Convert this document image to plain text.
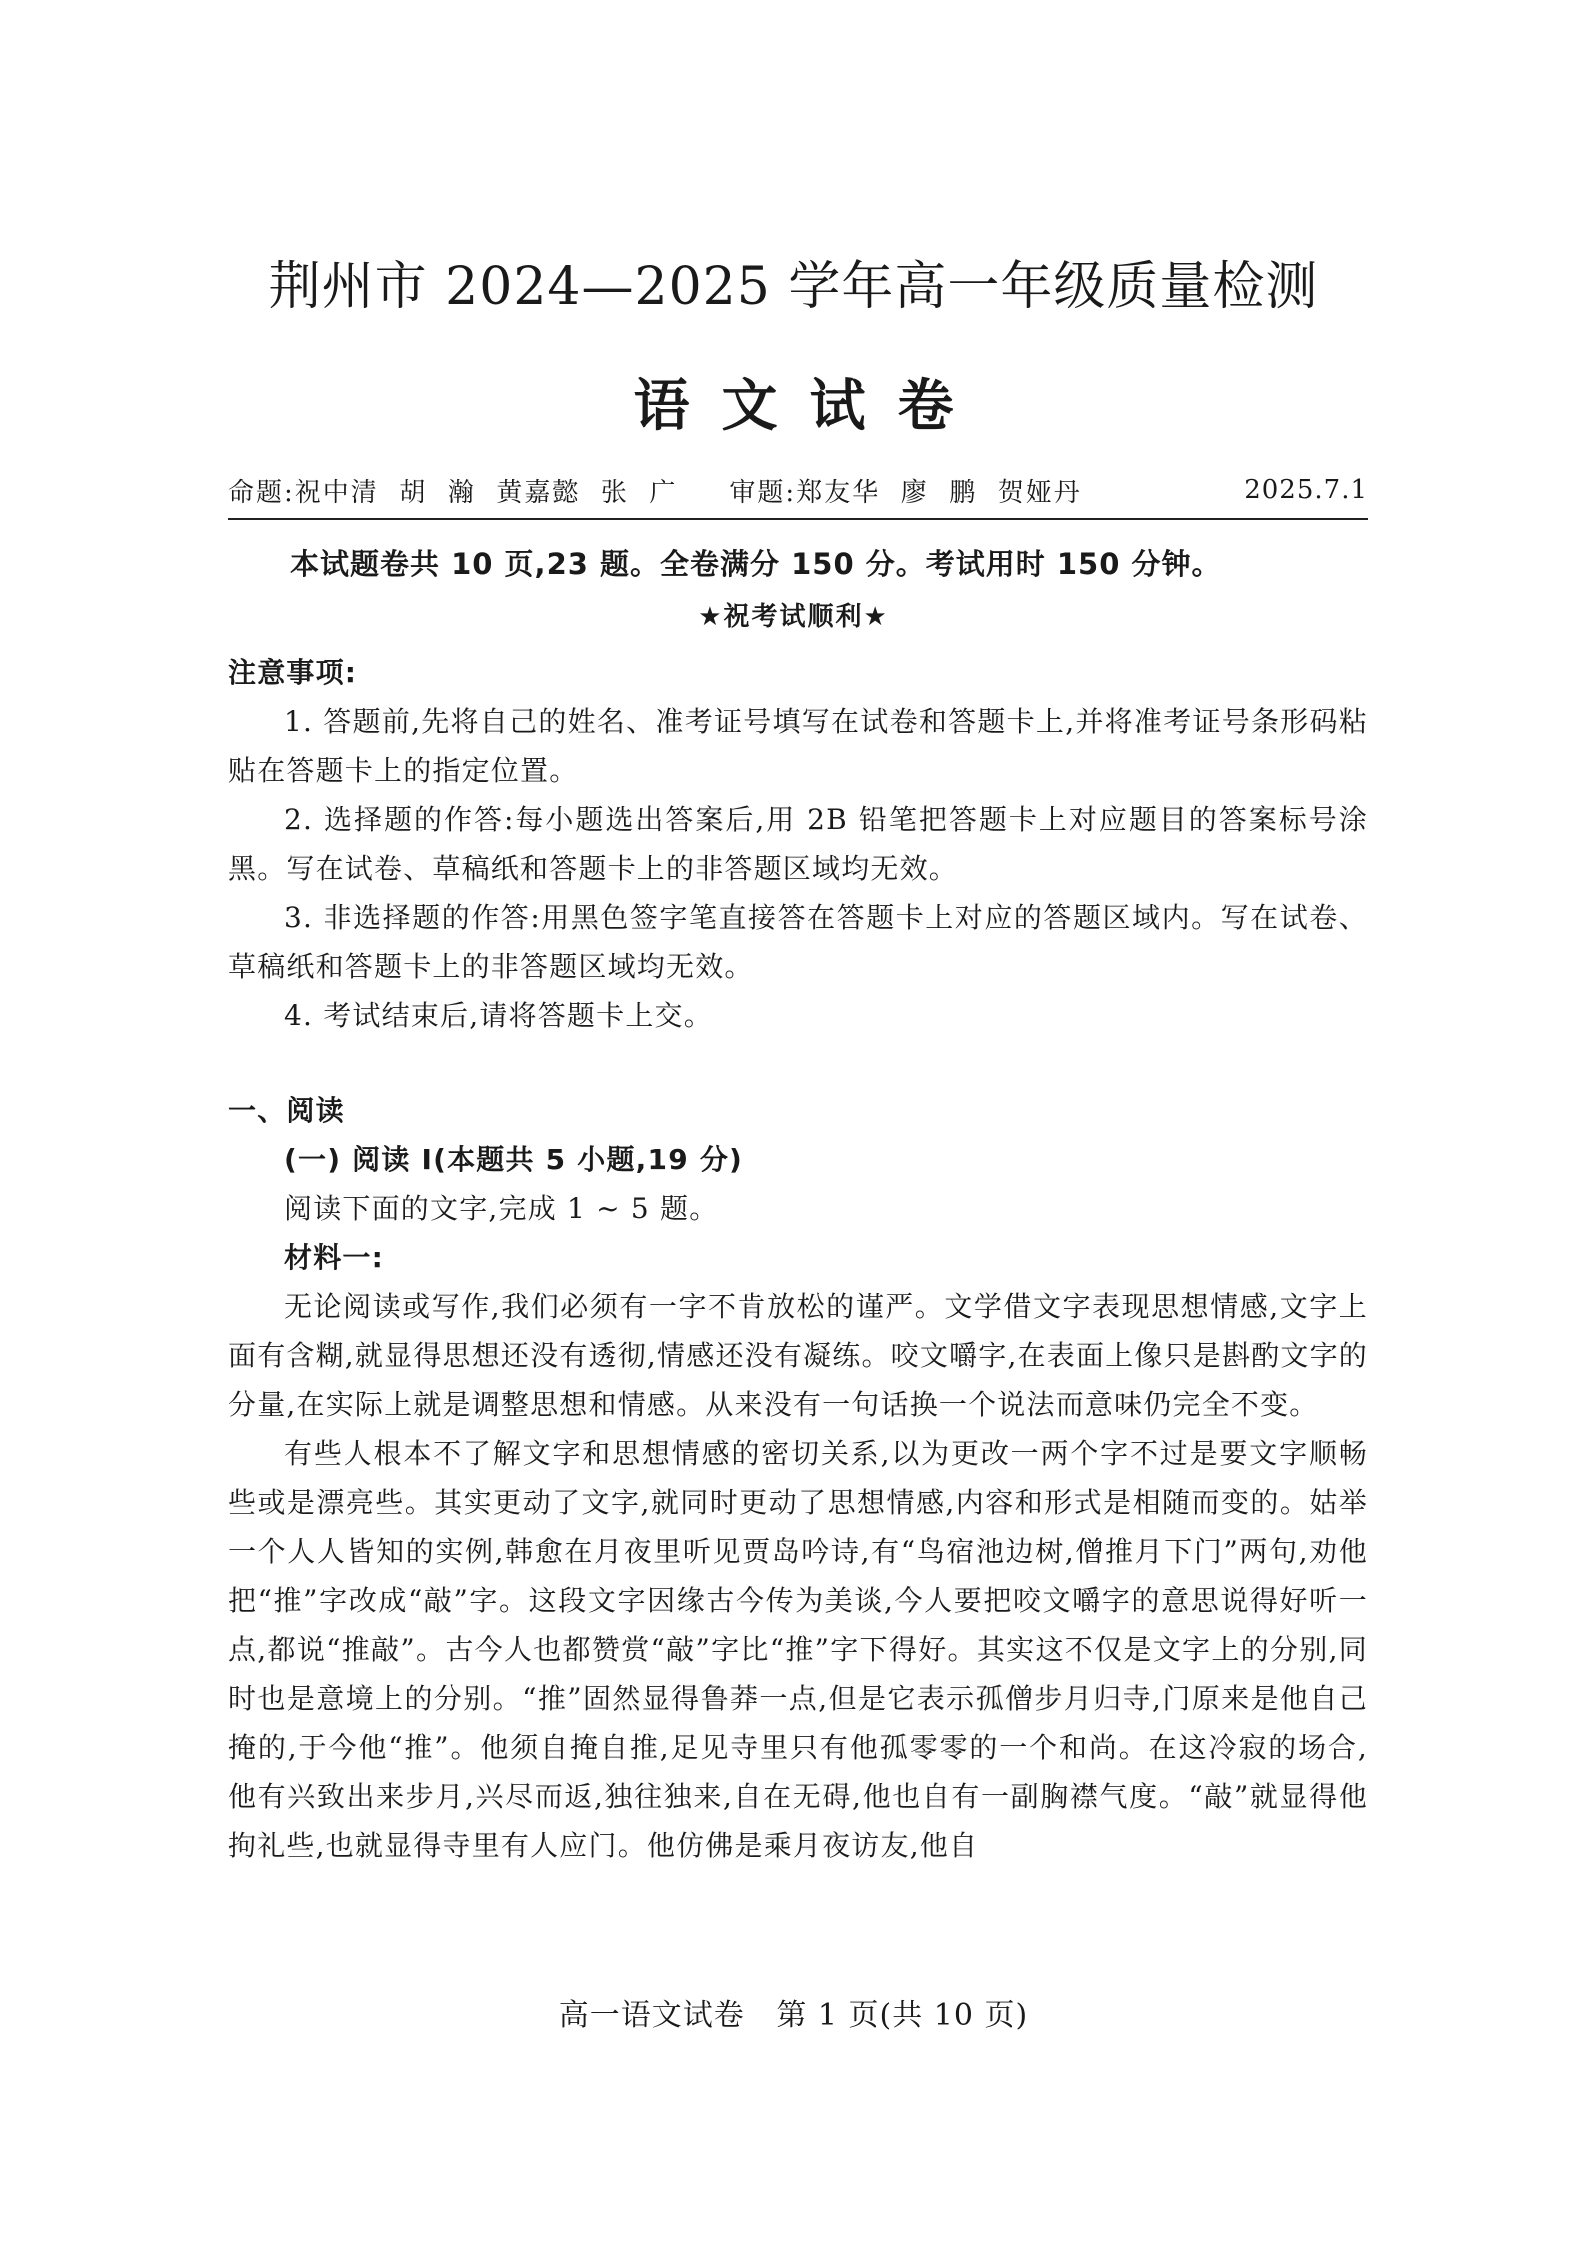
荆州市 2024—2025 学年高一年级质量检测
语文试卷
命题:祝中清  胡  瀚  黄嘉懿  张  广 审题:郑友华  廖  鹏  贺娅丹	2025.7.1
本试题卷共 10 页,23 题。全卷满分 150 分。考试用时 150 分钟。
★祝考试顺利★

注意事项:

1. 答题前,先将自己的姓名、准考证号填写在试卷和答题卡上,并将准考证号条形码粘贴在答题卡上的指定位置。

2. 选择题的作答:每小题选出答案后,用 2B 铅笔把答题卡上对应题目的答案标号涂黑。写在试卷、草稿纸和答题卡上的非答题区域均无效。

3. 非选择题的作答:用黑色签字笔直接答在答题卡上对应的答题区域内。写在试卷、草稿纸和答题卡上的非答题区域均无效。

4. 考试结束后,请将答题卡上交。

一、阅读

(一) 阅读 I(本题共 5 小题,19 分)

阅读下面的文字,完成 1 ~ 5 题。

材料一:

无论阅读或写作,我们必须有一字不肯放松的谨严。文学借文字表现思想情感,文字上面有含糊,就显得思想还没有透彻,情感还没有凝练。咬文嚼字,在表面上像只是斟酌文字的分量,在实际上就是调整思想和情感。从来没有一句话换一个说法而意味仍完全不变。

有些人根本不了解文字和思想情感的密切关系,以为更改一两个字不过是要文字顺畅些或是漂亮些。其实更动了文字,就同时更动了思想情感,内容和形式是相随而变的。姑举一个人人皆知的实例,韩愈在月夜里听见贾岛吟诗,有“鸟宿池边树,僧推月下门”两句,劝他把“推”字改成“敲”字。这段文字因缘古今传为美谈,今人要把咬文嚼字的意思说得好听一点,都说“推敲”。古今人也都赞赏“敲”字比“推”字下得好。其实这不仅是文字上的分别,同时也是意境上的分别。“推”固然显得鲁莽一点,但是它表示孤僧步月归寺,门原来是他自己掩的,于今他“推”。他须自掩自推,足见寺里只有他孤零零的一个和尚。在这冷寂的场合,他有兴致出来步月,兴尽而返,独往独来,自在无碍,他也自有一副胸襟气度。“敲”就显得他拘礼些,也就显得寺里有人应门。他仿佛是乘月夜访友,他自

高一语文试卷   第 1 页(共 10 页)
